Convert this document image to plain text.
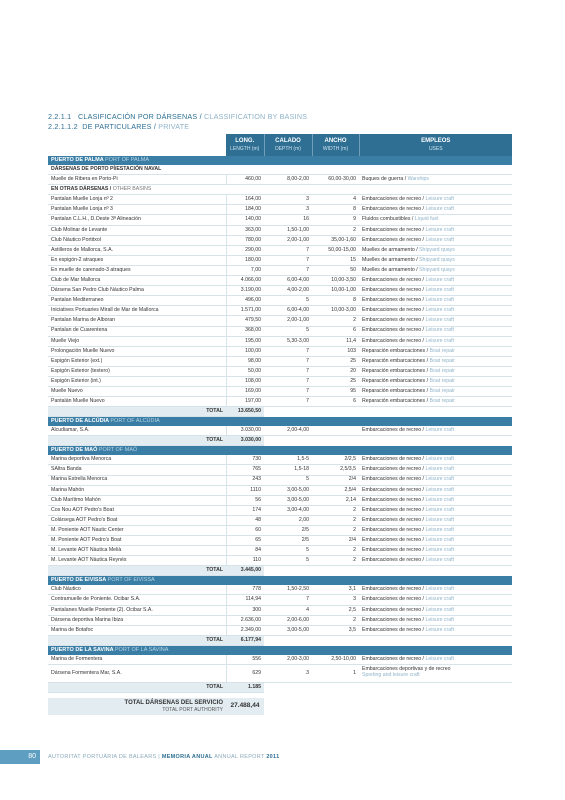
2.2.1.1 CLASIFICACIÓN POR DÁRSENAS / CLASSIFICATION BY BASINS
2.2.1.1.2 DE PARTICULARES / PRIVATE
	LONG.	CALADO	ANCHO	EMPLEOS
	LENGTH (m)	DEPTH (m)	WIDTH (m)	USES
PUERTO DE PALMA PORT OF PALMA				
DÁRSENAS DE PORTO PÍ/ESTACIÓN NAVAL				
Muelle de Ribera en Porto-Pi	460,00	8,00-2,00	60,00-30,00	Buques de guerra / Warships
EN OTRAS DÁRSENAS / OTHER BASINS				
Pantalan Muelle Lonja nº 2	164,00	3	4	Embarcaciones de recreo / Leisure craft
Pantalan Muelle Lonja nº 3	184,00	3	8	Embarcaciones de recreo / Leisure craft
Pantalan C.L.H., D.Oeste 3ª Alineación	140,00	16	9	Fluidos combustibles / Liquid fuel
Club Molinar de Levante	363,00	1,50-1,00	2	Embarcaciones de recreo / Leisure craft
Club Náutico Portitxol	780,00	2,00-1,00	35,00-1,60	Embarcaciones de recreo / Leisure craft
Astilleros de Mallorca, S.A.	290,00	7	50,00-15,00	Muelles de armamento / Shipyard quays
En espigón-2 atraques	180,00	7	15	Muelles de armamento / Shipyard quays
En muelle de carenado-3 atraques	7,00	7	50	Muelles de armamento / Shipyard quays
Club de Mar Mallorca	4.066,00	6,00-4,00	10,00-3,50	Embarcaciones de recreo / Leisure craft
Dársena San Pedro Club Náutico Palma	3.190,00	4,00-2,00	10,00-1,00	Embarcaciones de recreo / Leisure craft
Pantalan Mediterraneo	496,00	5	8	Embarcaciones de recreo / Leisure craft
Iniciatives Portuaries Mirall de Mar de Mallorca	1.571,00	6,00-4,00	10,00-3,00	Embarcaciones de recreo / Leisure craft
Pantalan Marina de Alboran	479,50	2,00-1,00	2	Embarcaciones de recreo / Leisure craft
Pantalan de Cuarentena	368,00	5	6	Embarcaciones de recreo / Leisure craft
Muelle Viejo	195,00	5,30-3,00	11,4	Embarcaciones de recreo / Leisure craft
Prolongación Muelle Nuevo	100,00	7	103	Reparación embarcaciones / Boat repair
Espigón Exterior (ext.)	98,00	7	25	Reparación embarcaciones / Boat repair
Espigón Exterior (testero)	50,00	7	20	Reparación embarcaciones / Boat repair
Espigón Exterior (int.)	108,00	7	25	Reparación embarcaciones / Boat repair
Muelle Nuevo	169,00	7	95	Reparación embarcaciones / Boat repair
Pantalán Muelle Nuevo	197,00	7	6	Reparación embarcaciones / Boat repair
TOTAL	13.650,50			
PUERTO DE ALCÚDIA PORT OF ALCÚDIA				
Alcudiamar, S.A.	3.030,00	2,00-4,00		Embarcaciones de recreo / Leisure craft
TOTAL	3.030,00			
PUERTO DE MAÓ PORT OF MAÓ				
Marina deportiva Menorca	730	1,5-5	2/2,5	Embarcaciones de recreo / Leisure craft
SAltra Banda	765	1,5-18	2,5/3,5	Embarcaciones de recreo / Leisure craft
Marina Estrella Menorca	243	5	2/4	Embarcaciones de recreo / Leisure craft
Marina Mahón	1110	3,00-5,00	2,5/4	Embarcaciones de recreo / Leisure craft
Club Marítimo Mahón	56	3,00-5,00	2,14	Embarcaciones de recreo / Leisure craft
Cos Nou AOT Pedro's Boat	174	3,00-4,00	2	Embarcaciones de recreo / Leisure craft
Colársega AOT Pedro's Boat	48	2,00	2	Embarcaciones de recreo / Leisure craft
M. Poniente AOT Nautic Center	60	2/5	2	Embarcaciones de recreo / Leisure craft
M. Poniente AOT Pedro's Boat	65	2/5	2/4	Embarcaciones de recreo / Leisure craft
M. Levante AOT Nàutica Melià	84	5	2	Embarcaciones de recreo / Leisure craft
M. Levante AOT Nàutica Reynés	110	5	2	Embarcaciones de recreo / Leisure craft
TOTAL	3.445,00			
PUERTO DE EIVISSA PORT OF EIVISSA				
Club Náutico	778	1,50-2,50	3,1	Embarcaciones de recreo / Leisure craft
Contramuelle de Poniente. Ocibar S.A.	114,94	7	3	Embarcaciones de recreo / Leisure craft
Pantalanes Muelle Poniente (2). Ocibar S.A.	300	4	2,5	Embarcaciones de recreo / Leisure craft
Dársena deportiva Marina Ibiza	2.636,00	2,00-6,00	2	Embarcaciones de recreo / Leisure craft
Marina de Botafoc	2.349,00	3,00-5,00	3,5	Embarcaciones de recreo / Leisure craft
TOTAL	6.177,94			
PUERTO DE LA SAVINA PORT OF LA SAVINA				
Marina de Formentera	556	2,00-3,00	2,50-10,00	Embarcaciones de recreo / Leisure craft
Dársena Formentera Mar, S.A.	629	3	1	Embarcaciones deportivas y de recreo
Sporting and leisure craft
TOTAL	1.185			

TOTAL DÁRSENAS DEL SERVICIO
TOTAL PORT AUTHORITY	27.488,44			
80	AUTORITAT PORTUÀRIA DE BALEARS | MEMORIA ANUAL ANNUAL REPORT 2011
